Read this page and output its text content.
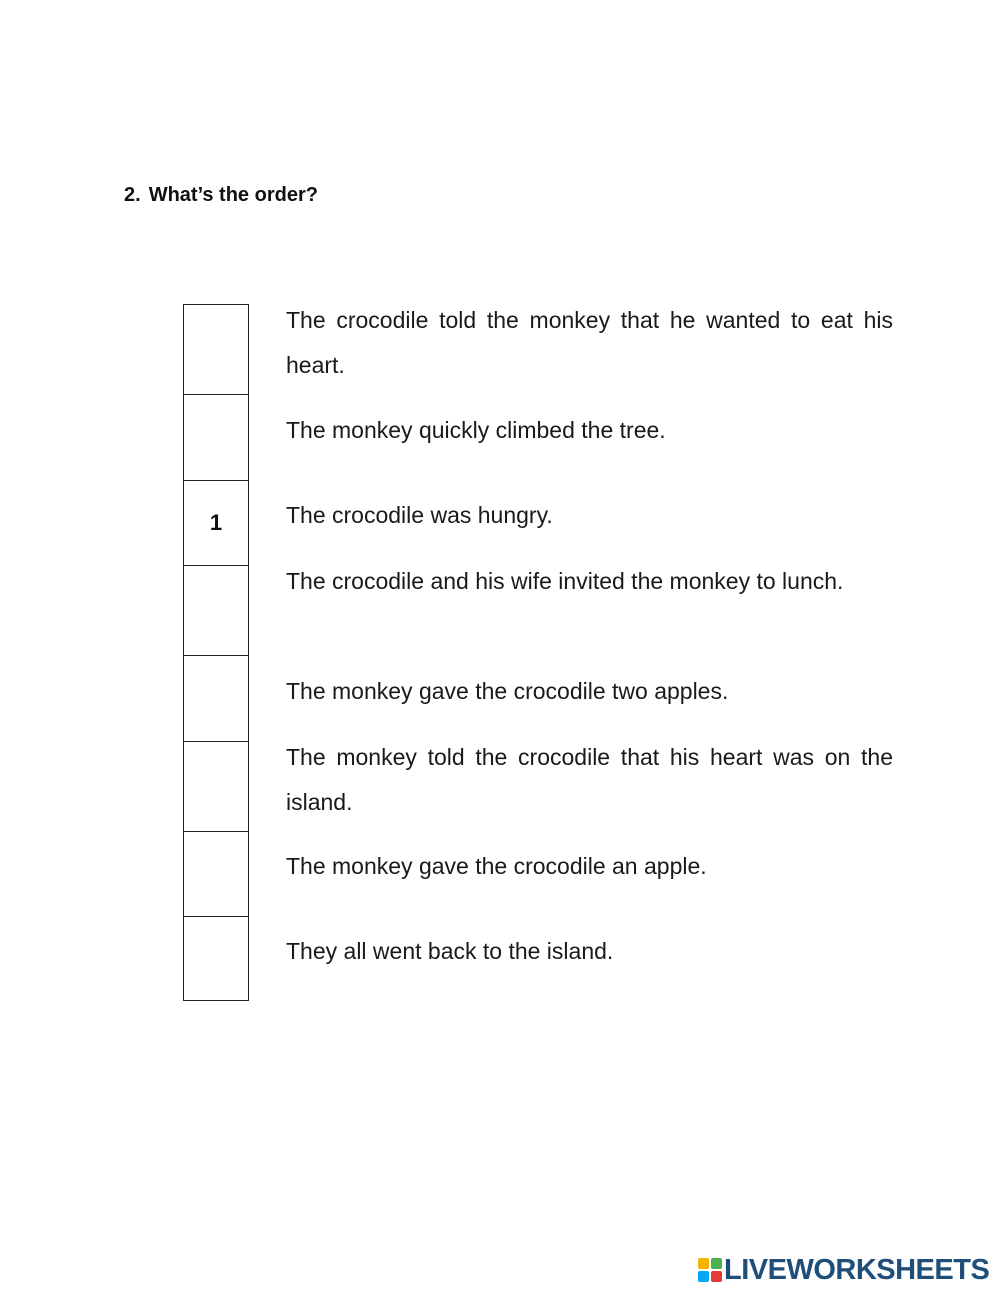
2. What’s the order?
The crocodile told the monkey that he wanted to eat his heart.
The monkey quickly climbed the tree.
1	The crocodile was hungry.
The crocodile and his wife invited the monkey to lunch.
The monkey gave the crocodile two apples.
The monkey told the crocodile that his heart was on the island.
The monkey gave the crocodile an apple.
They all went back to the island.
LIVEWORKSHEETS
